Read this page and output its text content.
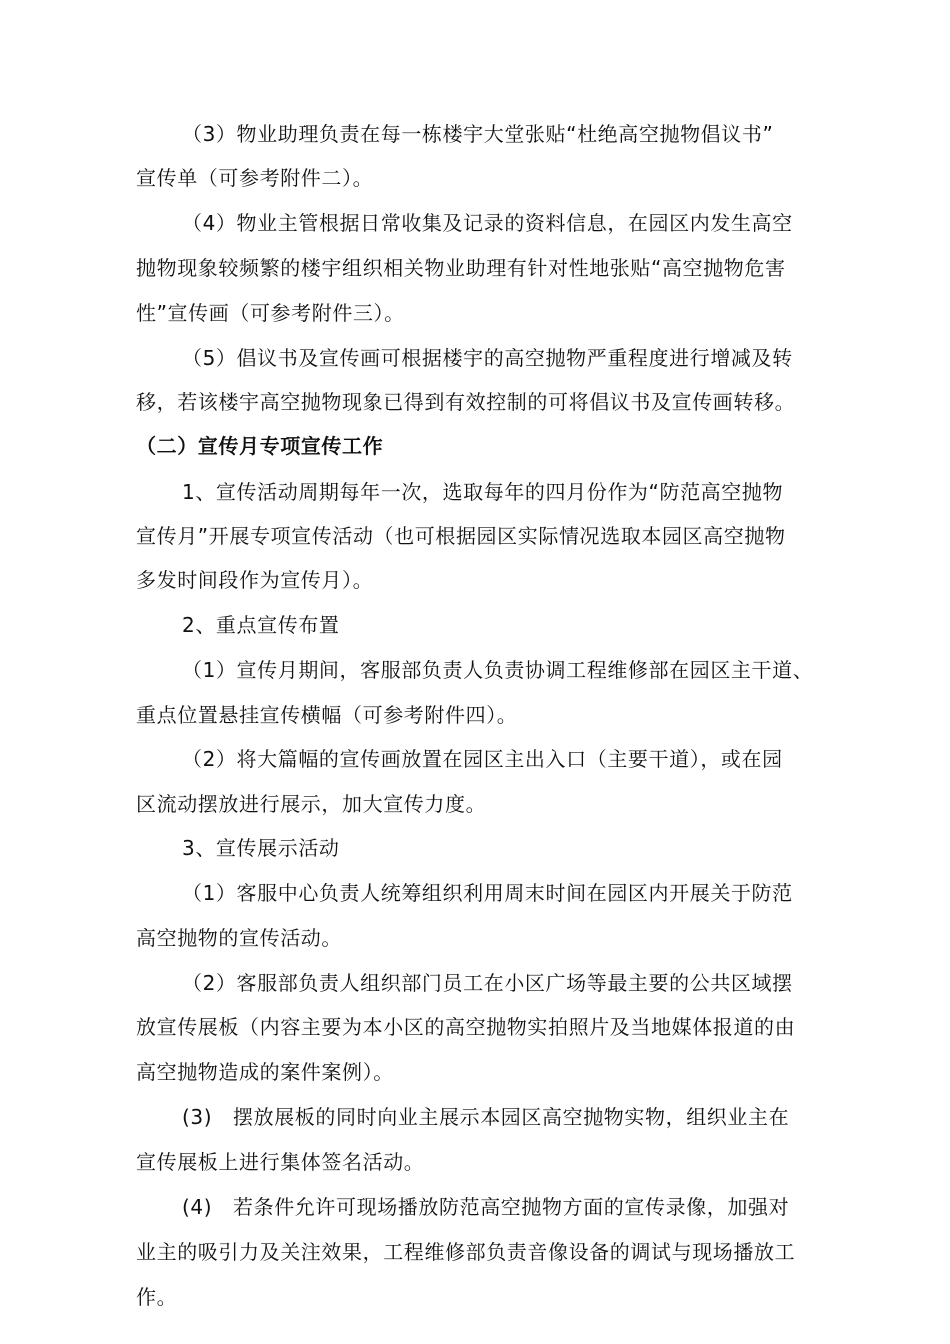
（3）物业助理负责在每一栋楼宇大堂张贴“杜绝高空抛物倡议书”
宣传单（可参考附件二）。
（4）物业主管根据日常收集及记录的资料信息，在园区内发生高空
抛物现象较频繁的楼宇组织相关物业助理有针对性地张贴“高空抛物危害
性”宣传画（可参考附件三）。
（5）倡议书及宣传画可根据楼宇的高空抛物严重程度进行增减及转
移，若该楼宇高空抛物现象已得到有效控制的可将倡议书及宣传画转移。
（二）宣传月专项宣传工作
1、宣传活动周期每年一次，选取每年的四月份作为“防范高空抛物
宣传月”开展专项宣传活动（也可根据园区实际情况选取本园区高空抛物
多发时间段作为宣传月）。
2、重点宣传布置
（1）宣传月期间，客服部负责人负责协调工程维修部在园区主干道、
重点位置悬挂宣传横幅（可参考附件四）。
（2）将大篇幅的宣传画放置在园区主出入口（主要干道），或在园
区流动摆放进行展示，加大宣传力度。
3、宣传展示活动
（1）客服中心负责人统筹组织利用周末时间在园区内开展关于防范
高空抛物的宣传活动。
（2）客服部负责人组织部门员工在小区广场等最主要的公共区域摆
放宣传展板（内容主要为本小区的高空抛物实拍照片及当地媒体报道的由
高空抛物造成的案件案例）。
(3)   摆放展板的同时向业主展示本园区高空抛物实物，组织业主在
宣传展板上进行集体签名活动。
(4)   若条件允许可现场播放防范高空抛物方面的宣传录像，加强对
业主的吸引力及关注效果，工程维修部负责音像设备的调试与现场播放工
作。
